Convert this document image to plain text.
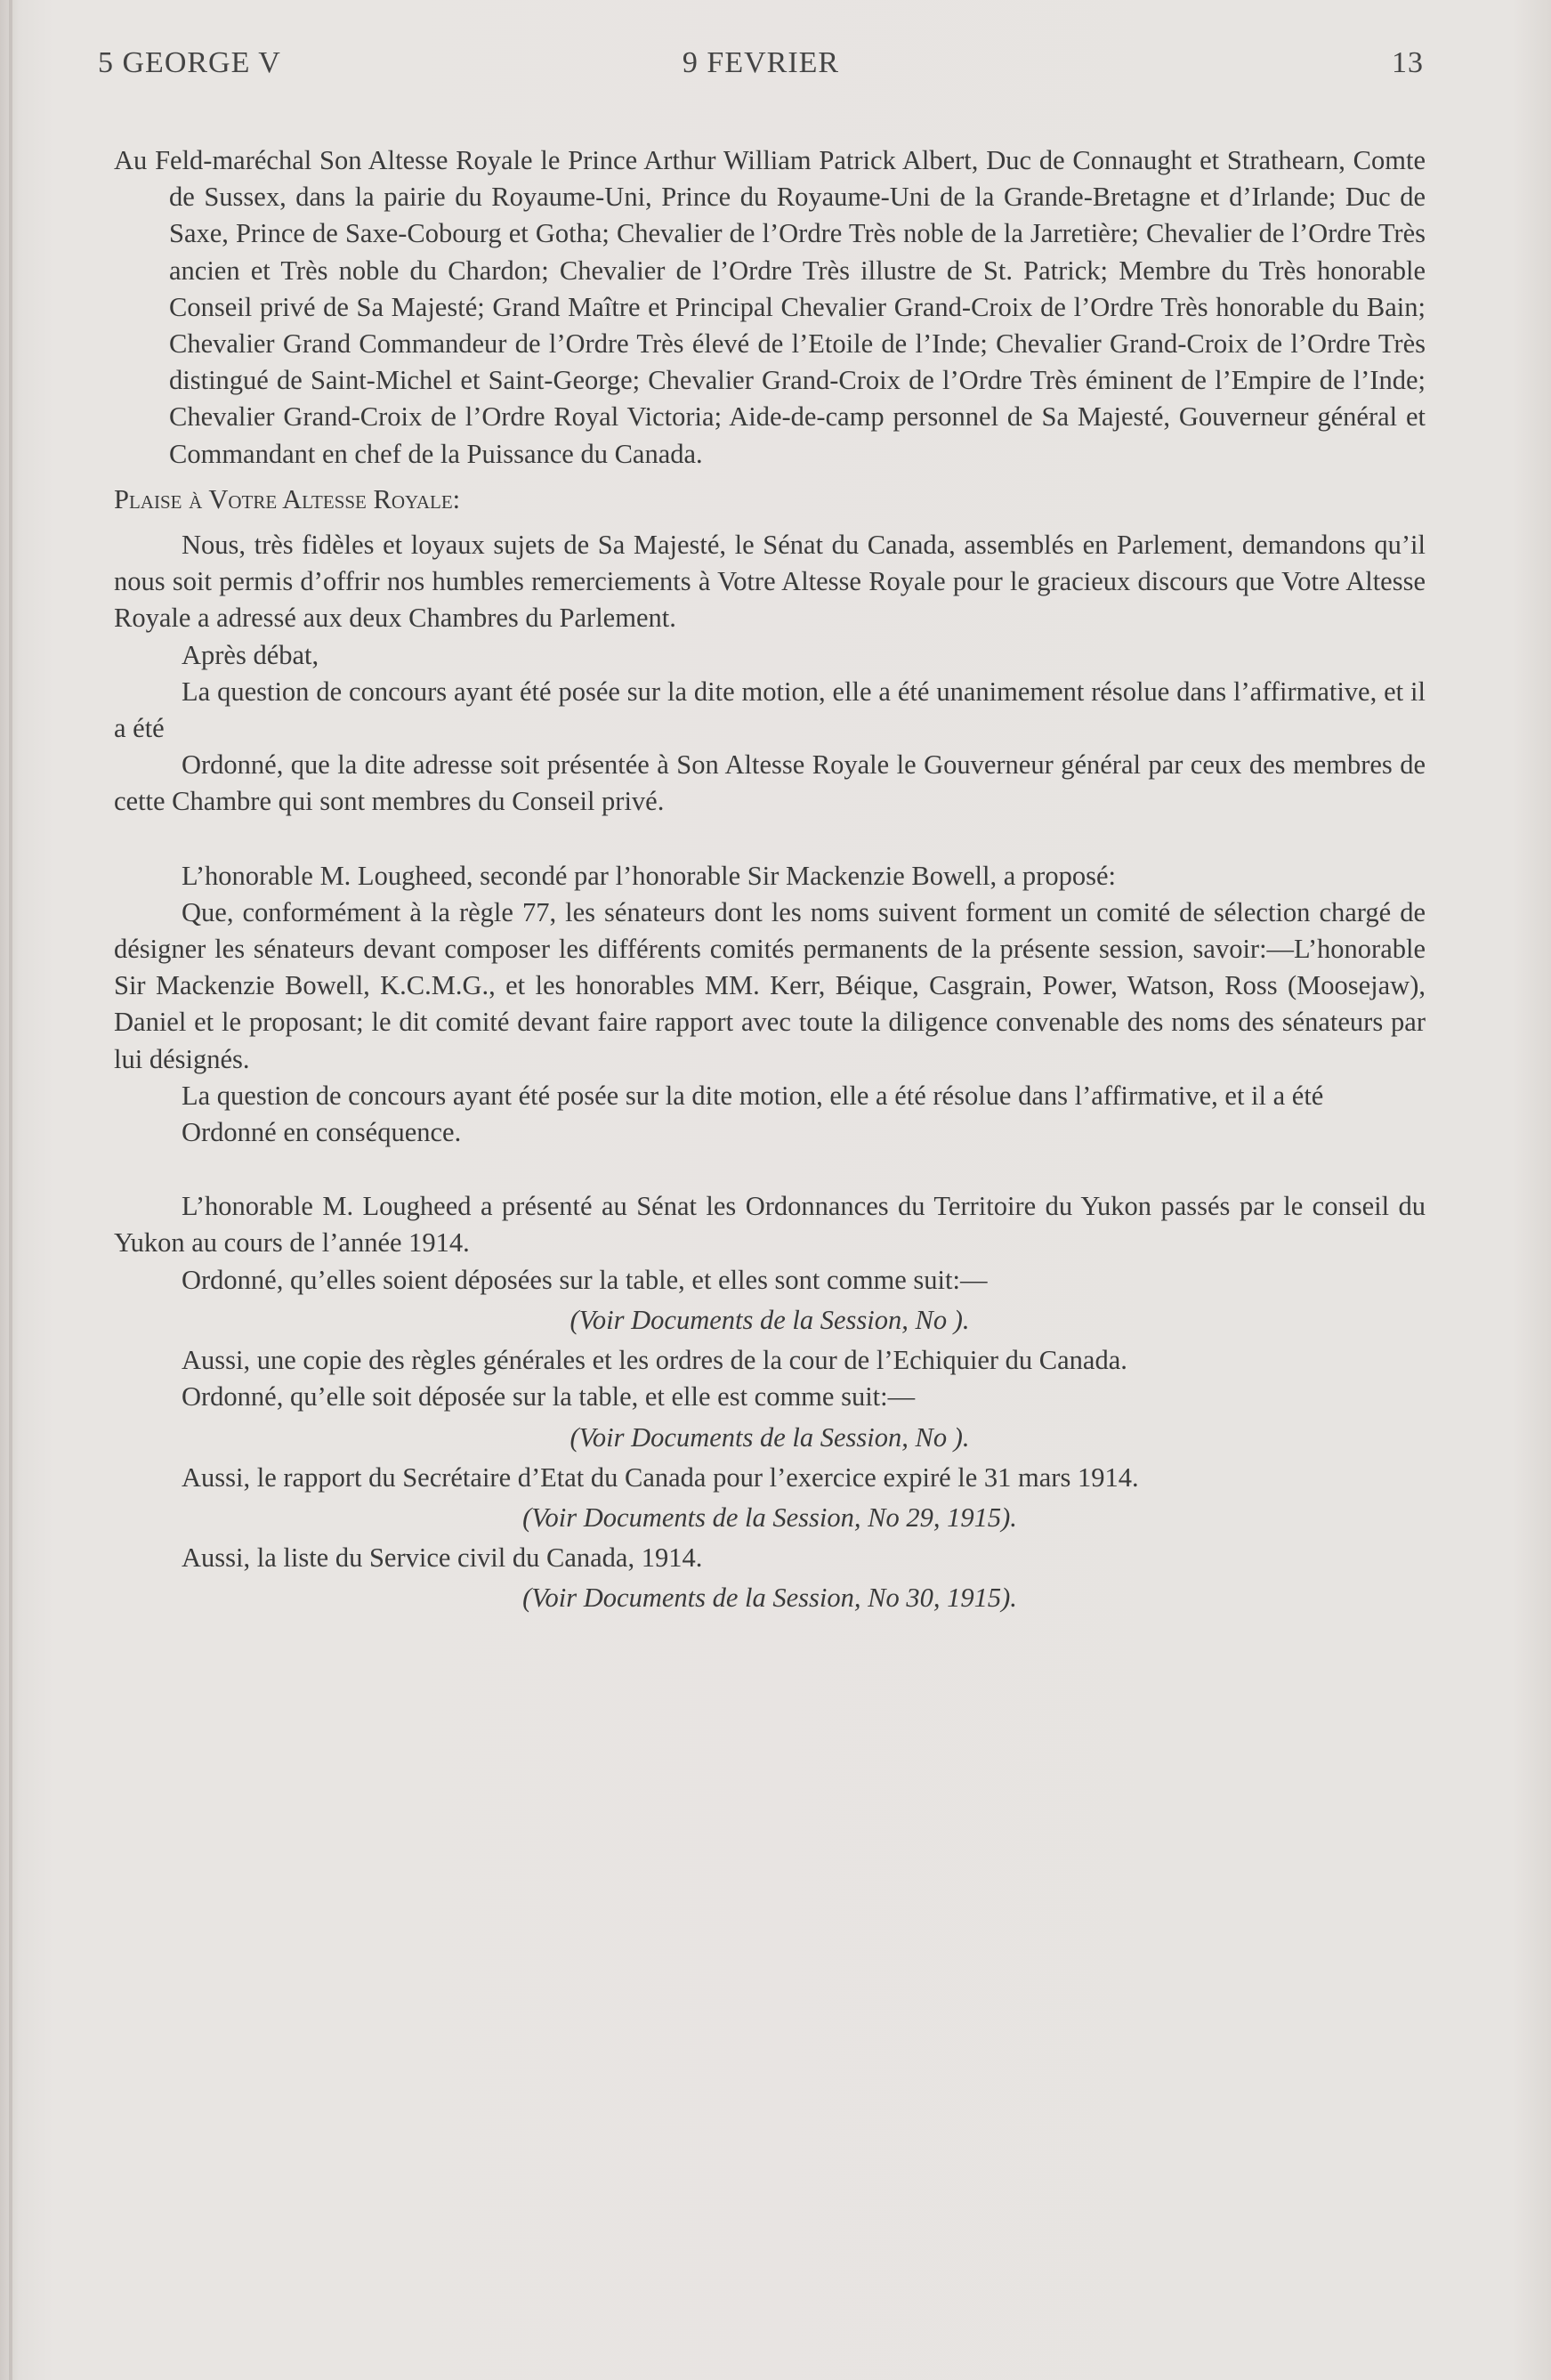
5 GEORGE V	9 FEVRIER	13

Au Feld-maréchal Son Altesse Royale le Prince Arthur William Patrick Albert, Duc de Connaught et Strathearn, Comte de Sussex, dans la pairie du Royaume-Uni, Prince du Royaume-Uni de la Grande-Bretagne et d’Irlande; Duc de Saxe, Prince de Saxe-Cobourg et Gotha; Chevalier de l’Ordre Très noble de la Jarretière; Chevalier de l’Ordre Très ancien et Très noble du Chardon; Chevalier de l’Ordre Très illustre de St. Patrick; Membre du Très honorable Conseil privé de Sa Majesté; Grand Maître et Principal Chevalier Grand-Croix de l’Ordre Très honorable du Bain; Chevalier Grand Commandeur de l’Ordre Très élevé de l’Etoile de l’Inde; Chevalier Grand-Croix de l’Ordre Très distingué de Saint-Michel et Saint-George; Chevalier Grand-Croix de l’Ordre Très éminent de l’Empire de l’Inde; Chevalier Grand-Croix de l’Ordre Royal Victoria; Aide-de-camp personnel de Sa Majesté, Gouverneur général et Commandant en chef de la Puissance du Canada.

Plaise à Votre Altesse Royale:

Nous, très fidèles et loyaux sujets de Sa Majesté, le Sénat du Canada, assemblés en Parlement, demandons qu’il nous soit permis d’offrir nos humbles remerciements à Votre Altesse Royale pour le gracieux discours que Votre Altesse Royale a adressé aux deux Chambres du Parlement.

Après débat,

La question de concours ayant été posée sur la dite motion, elle a été unanimement résolue dans l’affirmative, et il a été

Ordonné, que la dite adresse soit présentée à Son Altesse Royale le Gouverneur général par ceux des membres de cette Chambre qui sont membres du Conseil privé.

L’honorable M. Lougheed, secondé par l’honorable Sir Mackenzie Bowell, a proposé:

Que, conformément à la règle 77, les sénateurs dont les noms suivent forment un comité de sélection chargé de désigner les sénateurs devant composer les différents comités permanents de la présente session, savoir:—L’honorable Sir Mackenzie Bowell, K.C.M.G., et les honorables MM. Kerr, Béique, Casgrain, Power, Watson, Ross (Moosejaw), Daniel et le proposant; le dit comité devant faire rapport avec toute la diligence convenable des noms des sénateurs par lui désignés.

La question de concours ayant été posée sur la dite motion, elle a été résolue dans l’affirmative, et il a été

Ordonné en conséquence.

L’honorable M. Lougheed a présenté au Sénat les Ordonnances du Territoire du Yukon passés par le conseil du Yukon au cours de l’année 1914.

Ordonné, qu’elles soient déposées sur la table, et elles sont comme suit:—

(Voir Documents de la Session, No ).

Aussi, une copie des règles générales et les ordres de la cour de l’Echiquier du Canada.

Ordonné, qu’elle soit déposée sur la table, et elle est comme suit:—

(Voir Documents de la Session, No ).

Aussi, le rapport du Secrétaire d’Etat du Canada pour l’exercice expiré le 31 mars 1914.

(Voir Documents de la Session, No 29, 1915).

Aussi, la liste du Service civil du Canada, 1914.

(Voir Documents de la Session, No 30, 1915).
